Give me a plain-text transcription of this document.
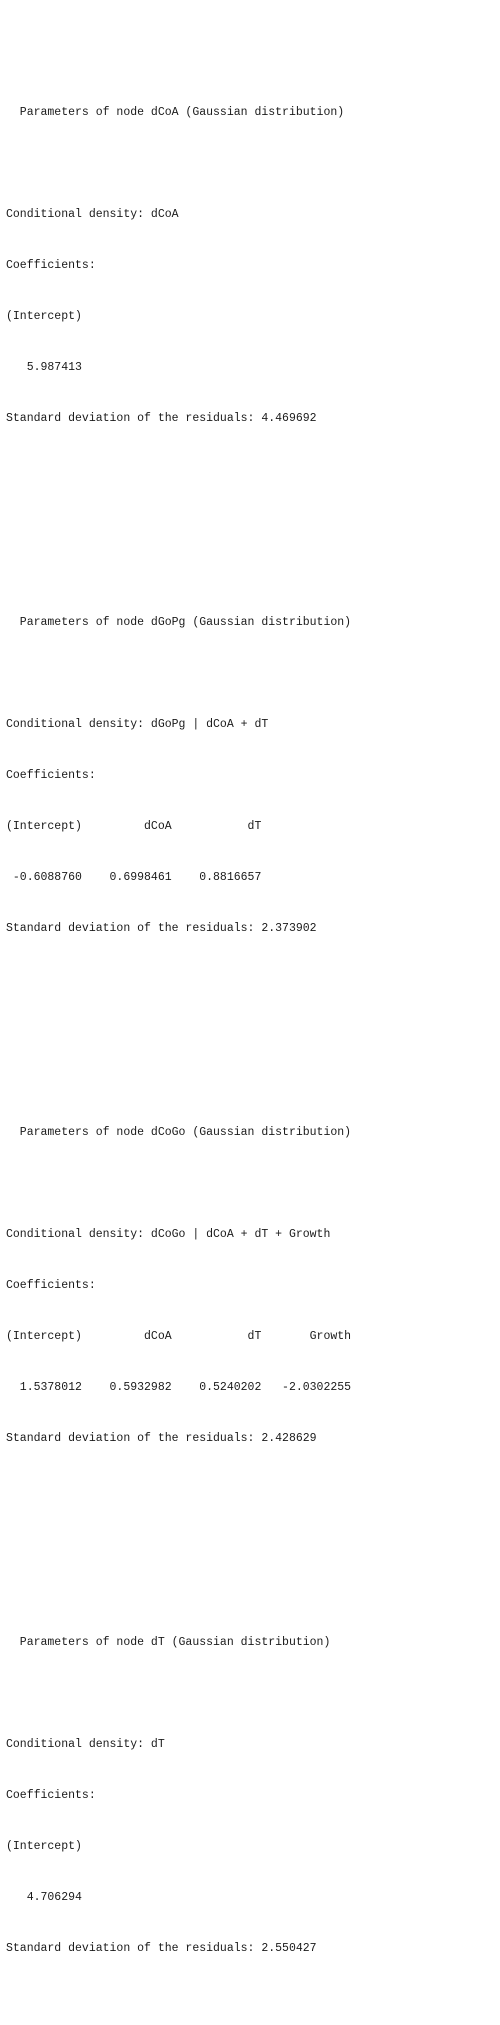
Parameters of node dCoA (Gaussian distribution)

Conditional density: dCoA

Coefficients:

(Intercept)

5.987413

Standard deviation of the residuals: 4.469692

Parameters of node dGoPg (Gaussian distribution)

Conditional density: dGoPg | dCoA + dT

Coefficients:

(Intercept)         dCoA           dT

-0.6088760    0.6998461    0.8816657

Standard deviation of the residuals: 2.373902

Parameters of node dCoGo (Gaussian distribution)

Conditional density: dCoGo | dCoA + dT + Growth

Coefficients:

(Intercept)         dCoA           dT       Growth

1.5378012    0.5932982    0.5240202   -2.0302255

Standard deviation of the residuals: 2.428629

Parameters of node dT (Gaussian distribution)

Conditional density: dT

Coefficients:

(Intercept)

4.706294

Standard deviation of the residuals: 2.550427
